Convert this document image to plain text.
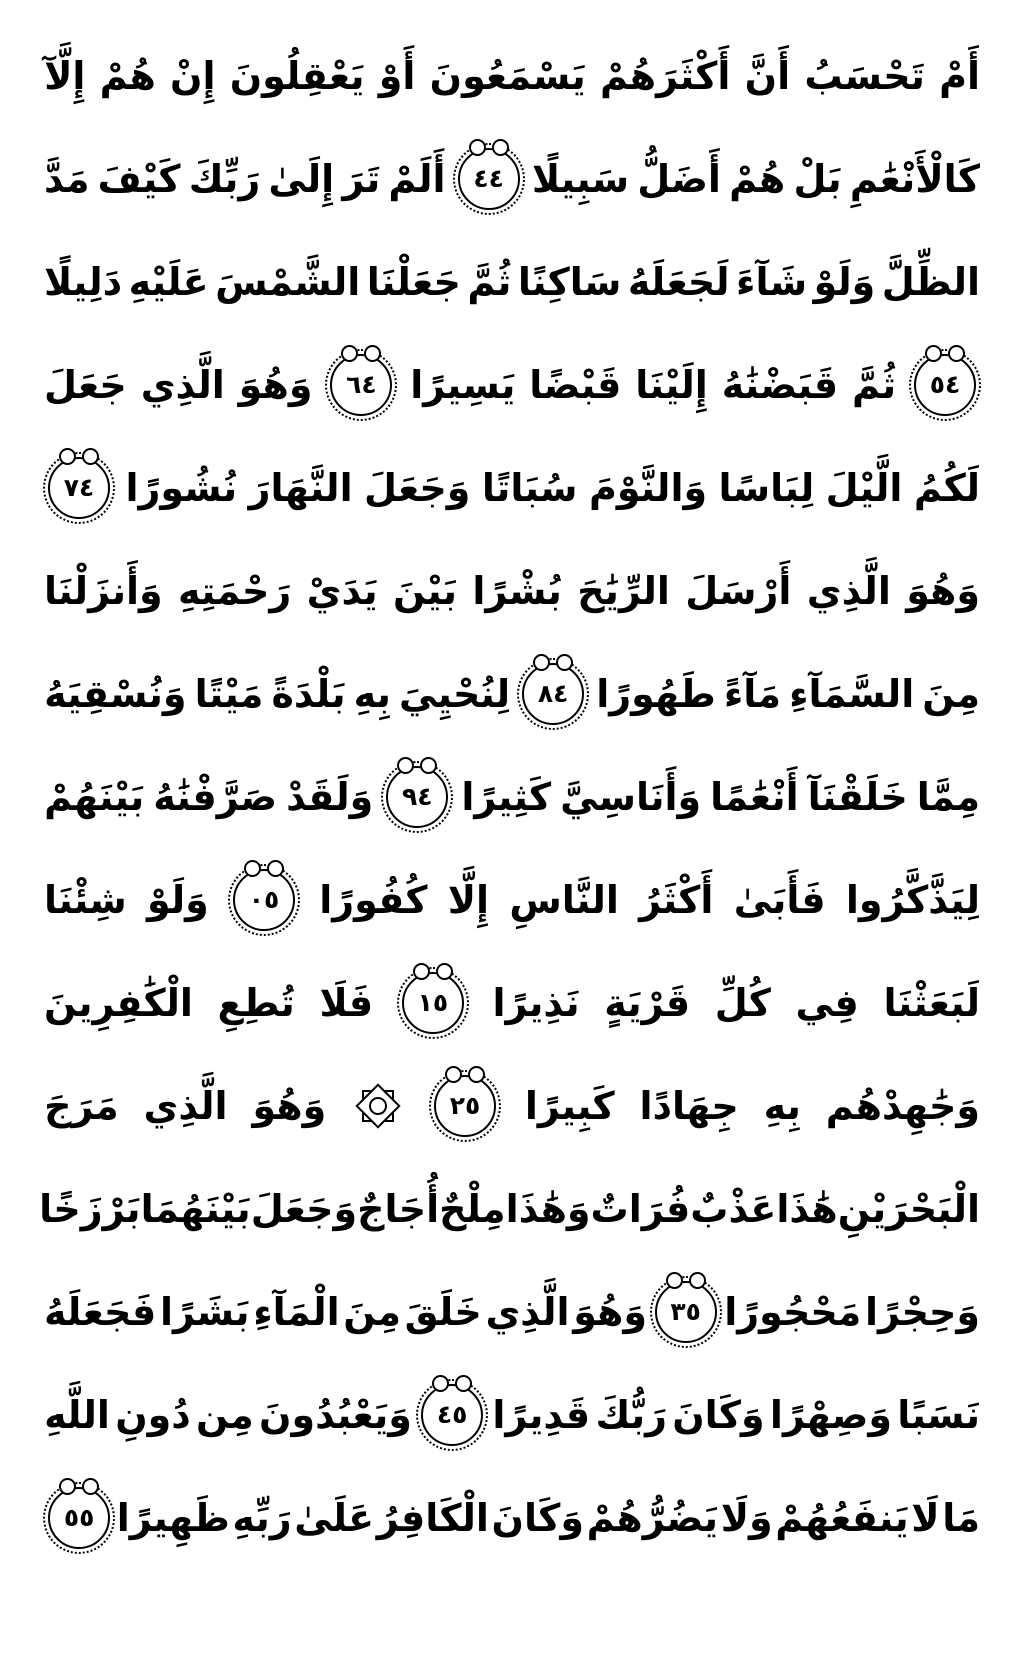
أَمْ
تَحْسَبُ
أَنَّ
أَكْثَرَهُمْ
يَسْمَعُونَ
أَوْ
يَعْقِلُونَ
إِنْ
هُمْ
إِلَّآ
كَالْأَنْعَٰمِ
بَلْ
هُمْ
أَضَلُّ
سَبِيلًا
٤٤
أَلَمْ
تَرَ
إِلَىٰ
رَبِّكَ
كَيْفَ
مَدَّ
الظِّلَّ
وَلَوْ
شَآءَ
لَجَعَلَهُ
سَاكِنًا
ثُمَّ
جَعَلْنَا
الشَّمْسَ
عَلَيْهِ
دَلِيلًا
٤٥
ثُمَّ
قَبَضْنَٰهُ
إِلَيْنَا
قَبْضًا
يَسِيرًا
٤٦
وَهُوَ
الَّذِي
جَعَلَ
لَكُمُ
الَّيْلَ
لِبَاسًا
وَالنَّوْمَ
سُبَاتًا
وَجَعَلَ
النَّهَارَ
نُشُورًا
٤٧
وَهُوَ
الَّذِي
أَرْسَلَ
الرِّيَٰحَ
بُشْرًا
بَيْنَ
يَدَيْ
رَحْمَتِهِ
وَأَنزَلْنَا
مِنَ
السَّمَآءِ
مَآءً
طَهُورًا
٤٨
لِنُحْيِيَ
بِهِ
بَلْدَةً
مَيْتًا
وَنُسْقِيَهُ
مِمَّا
خَلَقْنَآ
أَنْعَٰمًا
وَأَنَاسِيَّ
كَثِيرًا
٤٩
وَلَقَدْ
صَرَّفْنَٰهُ
بَيْنَهُمْ
لِيَذَّكَّرُوا
فَأَبَىٰ
أَكْثَرُ
النَّاسِ
إِلَّا
كُفُورًا
٥٠
وَلَوْ
شِئْنَا
لَبَعَثْنَا
فِي
كُلِّ
قَرْيَةٍ
نَذِيرًا
٥١
فَلَا
تُطِعِ
الْكَٰفِرِينَ
وَجَٰهِدْهُم
بِهِ
جِهَادًا
كَبِيرًا
٥٢
وَهُوَ
الَّذِي
مَرَجَ
الْبَحْرَيْنِ
هَٰذَا
عَذْبٌ
فُرَاتٌ
وَهَٰذَا
مِلْحٌ
أُجَاجٌ
وَجَعَلَ
بَيْنَهُمَا
بَرْزَخًا
وَحِجْرًا
مَحْجُورًا
٥٣
وَهُوَ
الَّذِي
خَلَقَ
مِنَ
الْمَآءِ
بَشَرًا
فَجَعَلَهُ
نَسَبًا
وَصِهْرًا
وَكَانَ
رَبُّكَ
قَدِيرًا
٥٤
وَيَعْبُدُونَ
مِن
دُونِ
اللَّهِ
مَا
لَا
يَنفَعُهُمْ
وَلَا
يَضُرُّهُمْ
وَكَانَ
الْكَافِرُ
عَلَىٰ
رَبِّهِ
ظَهِيرًا
٥٥
